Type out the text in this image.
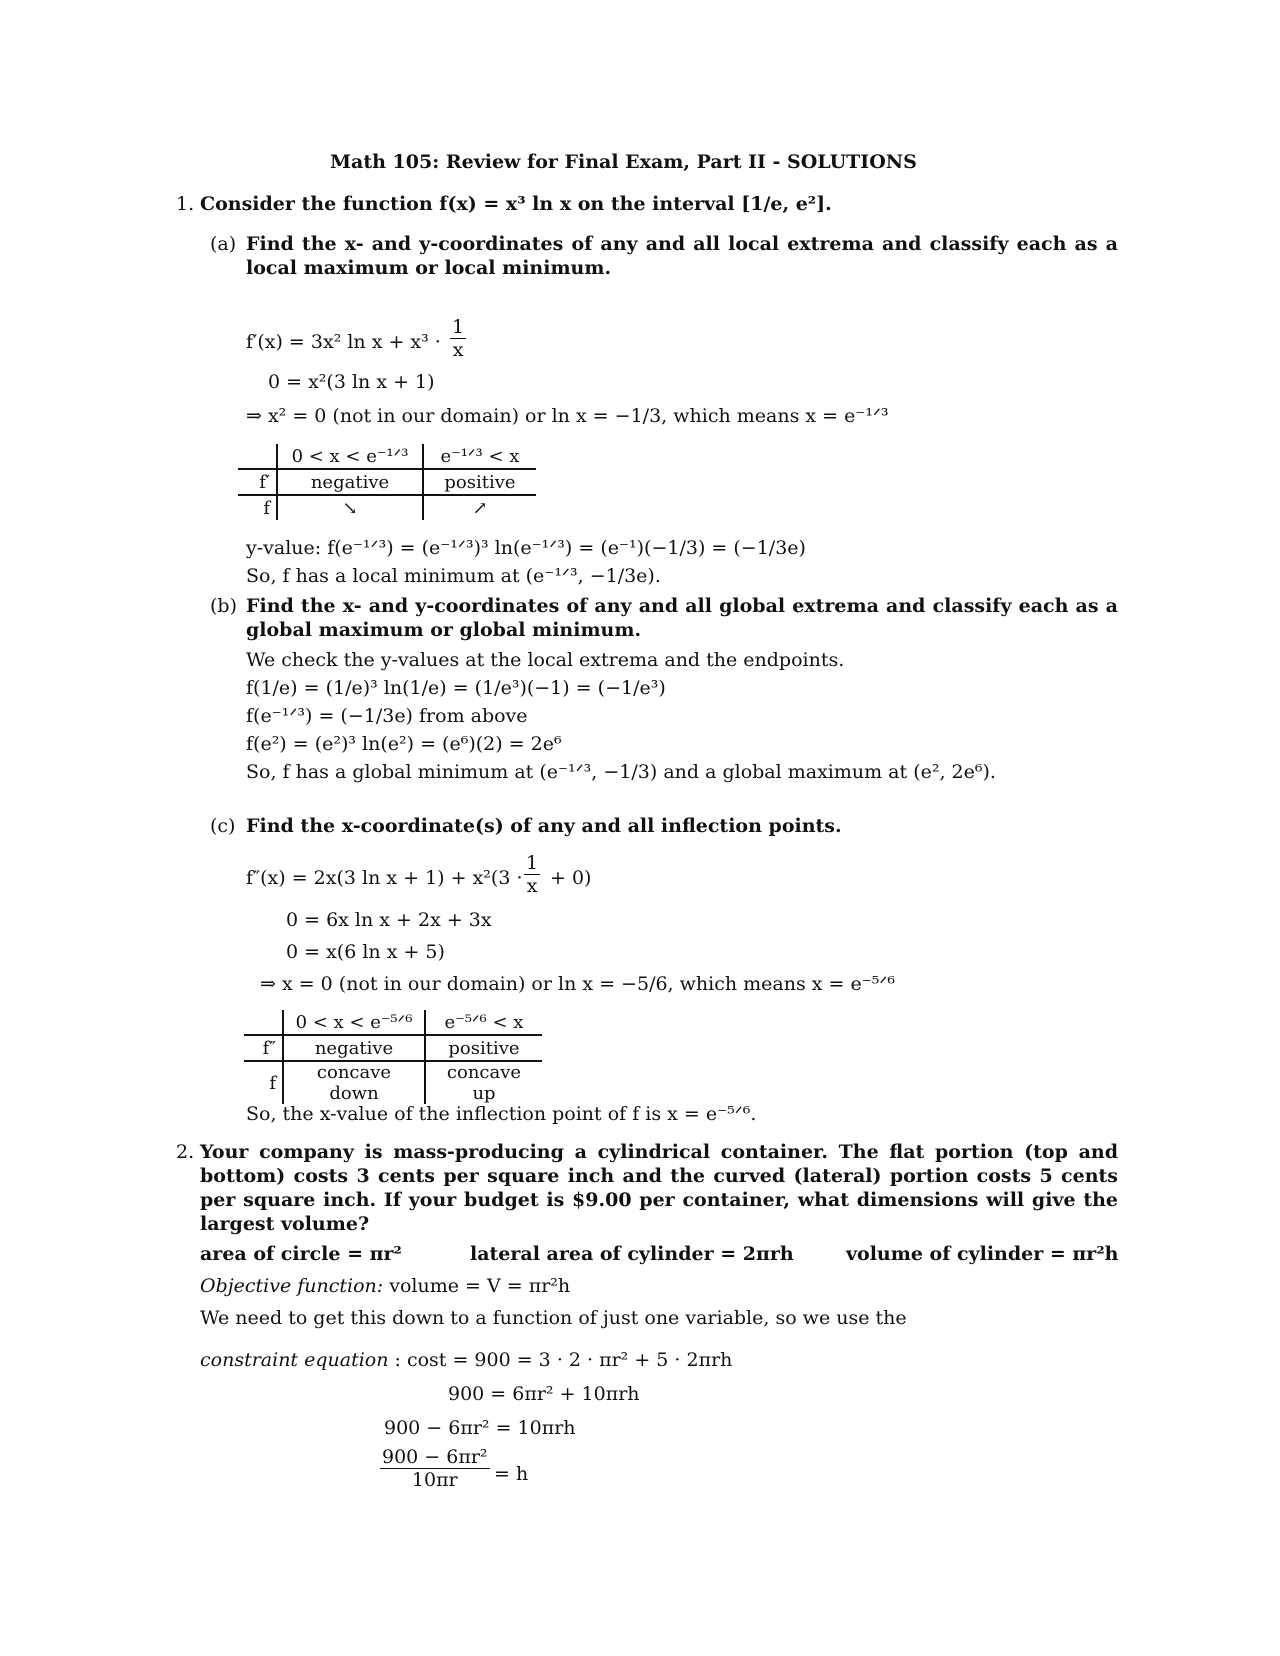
Math 105: Review for Final Exam, Part II - SOLUTIONS
1. Consider the function f(x) = x³ ln x on the interval [1/e, e²].
(a) Find the x- and y-coordinates of any and all local extrema and classify each as a local maximum or local minimum.
f′(x) = 3x² $\ln x + x^3 \cdot \frac{1}{x}$
0 = x²(3 ln x + 1)
⇒ x² = 0 (not in our domain) or ln x = −1/3, which means x = e⁻¹ᐟ³
	0 < x < e⁻¹ᐟ³	e⁻¹ᐟ³ < x
f′	negative	positive
f	↘	↗
y-value: f(e⁻¹ᐟ³) = (e⁻¹ᐟ³)³ ln(e⁻¹ᐟ³) = (e⁻¹)(−1/3) = (−1/3e)
So, f has a local minimum at (e⁻¹ᐟ³, −1/3e).
(b) Find the x- and y-coordinates of any and all global extrema and classify each as a global maximum or global minimum.
We check the y-values at the local extrema and the endpoints.
f(1/e) = (1/e)³ ln(1/e) = (1/e³)(−1) = (−1/e³)
f(e⁻¹ᐟ³) = (−1/3e) from above
f(e²) = (e²)³ ln(e²) = (e⁶)(2) = 2e⁶
So, f has a global minimum at (e⁻¹ᐟ³, −1/3) and a global maximum at (e², 2e⁶).
(c) Find the x-coordinate(s) of any and all inflection points.
f″(x) = 2x(3 $\ln x + 1) + x^2(3 \cdot \frac{1}{x} + 0)$
0 = 6x ln x + 2x + 3x
0 = x(6 ln x + 5)
⇒ x = 0 (not in our domain) or ln x = −5/6, which means x = e⁻⁵ᐟ⁶
	0 < x < e⁻⁵ᐟ⁶	e⁻⁵ᐟ⁶ < x
f″	negative	positive
f	concave down	concave up
So, the x-value of the inflection point of f is x = e⁻⁵ᐟ⁶.
2. Your company is mass-producing a cylindrical container. The flat portion (top and bottom) costs 3 cents per square inch and the curved (lateral) portion costs 5 cents per square inch. If your budget is $9.00 per container, what dimensions will give the largest volume?
area of circle = πr²	lateral area of cylinder = 2πrh	volume of cylinder = πr²h
Objective function: volume = V = πr²h
We need to get this down to a function of just one variable, so we use the
constraint equation : cost = 900 = 3 · 2 · πr² + 5 · 2πrh
900 = 6πr² + 10πrh
900 − 6πr² = 10πrh
$\frac{\text{900 − 6πr²}}{10\pi r} = h$
